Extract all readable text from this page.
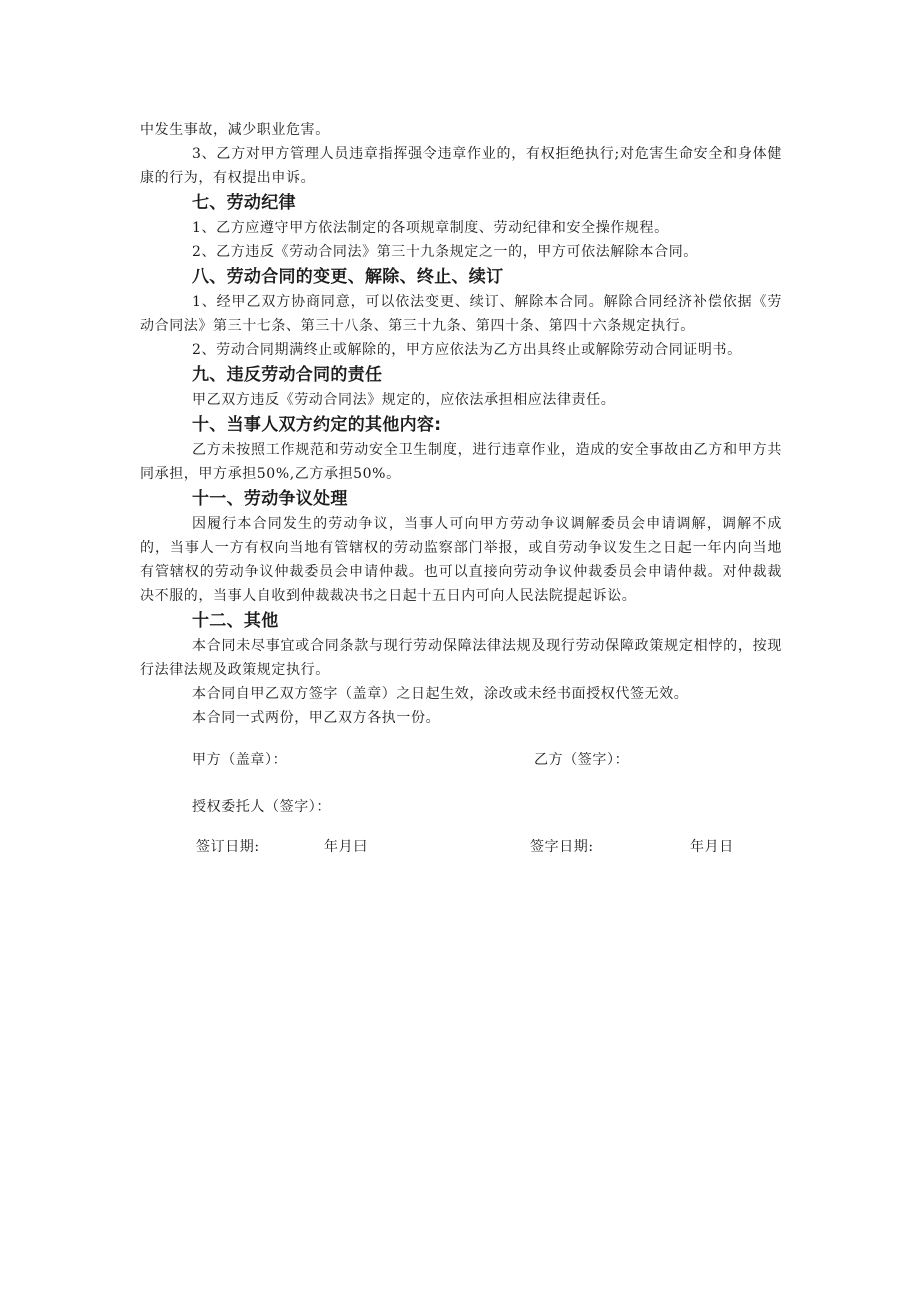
中发生事故，减少职业危害。

3、乙方对甲方管理人员违章指挥强令违章作业的，有权拒绝执行;对危害生命安全和身体健康的行为，有权提出申诉。

七、劳动纪律

1、乙方应遵守甲方依法制定的各项规章制度、劳动纪律和安全操作规程。

2、乙方违反《劳动合同法》第三十九条规定之一的，甲方可依法解除本合同。

八、劳动合同的变更、解除、终止、续订

1、经甲乙双方协商同意，可以依法变更、续订、解除本合同。解除合同经济补偿依据《劳动合同法》第三十七条、第三十八条、第三十九条、第四十条、第四十六条规定执行。

2、劳动合同期满终止或解除的，甲方应依法为乙方出具终止或解除劳动合同证明书。

九、违反劳动合同的责任

甲乙双方违反《劳动合同法》规定的，应依法承担相应法律责任。

十、当事人双方约定的其他内容:

乙方未按照工作规范和劳动安全卫生制度，进行违章作业，造成的安全事故由乙方和甲方共同承担，甲方承担50%,乙方承担50%。

十一、劳动争议处理

因履行本合同发生的劳动争议，当事人可向甲方劳动争议调解委员会申请调解，调解不成的，当事人一方有权向当地有管辖权的劳动监察部门举报，或自劳动争议发生之日起一年内向当地有管辖权的劳动争议仲裁委员会申请仲裁。也可以直接向劳动争议仲裁委员会申请仲裁。对仲裁裁决不服的，当事人自收到仲裁裁决书之日起十五日内可向人民法院提起诉讼。

十二、其他

本合同未尽事宜或合同条款与现行劳动保障法律法规及现行劳动保障政策规定相悖的，按现行法律法规及政策规定执行。

本合同自甲乙双方签字（盖章）之日起生效，涂改或未经书面授权代签无效。

本合同一式两份，甲乙双方各执一份。

甲方（盖章）：	乙方（签字）：
授权委托人（签字）：
签订日期:	年月曰	签字日期:	年月日
